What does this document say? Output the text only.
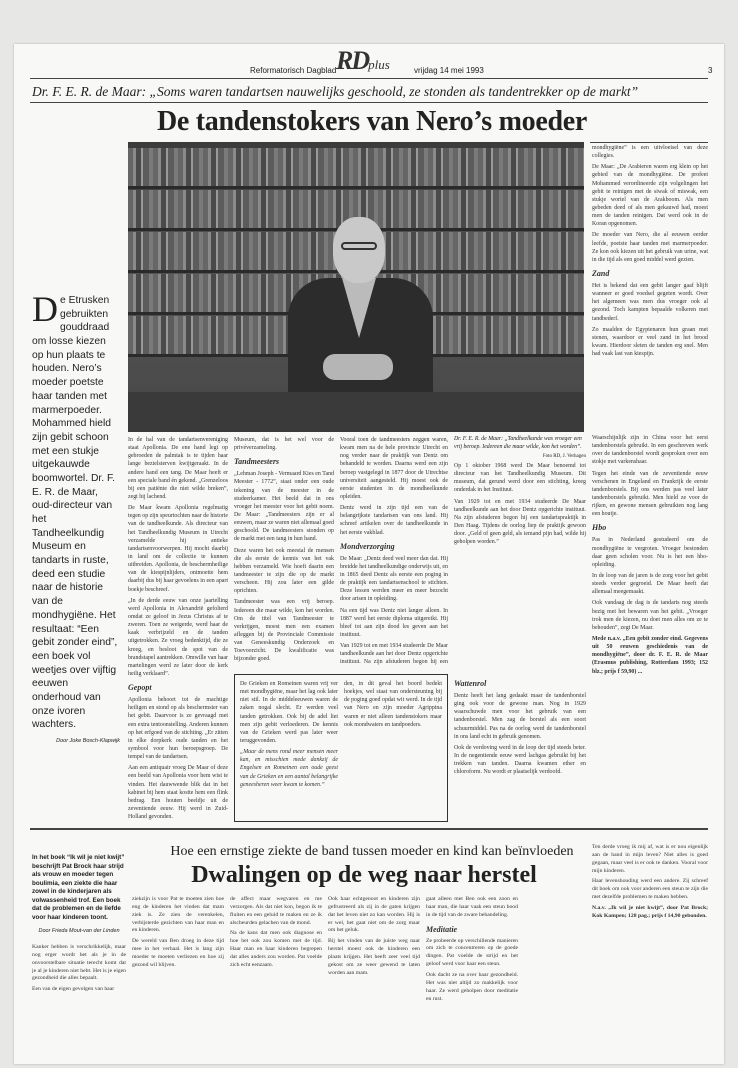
RDplus
Reformatorisch Dagblad	vrijdag 14 mei 1993	3
Dr. F. E. R. de Maar: „Soms waren tandartsen nauwelijks geschoold, ze stonden als tandentrekker op de markt”
De tandenstokers van Nero’s moeder
De Etrusken gebruikten gouddraad om losse kiezen op hun plaats te houden. Nero’s moeder poetste haar tanden met marmerpoeder. Mohammed hield zijn gebit schoon met een stukje uitgekauwde boomwortel. Dr. F. E. R. de Maar, oud-directeur van het Tandheelkundig Museum en tandarts in ruste, deed een studie naar de historie van de mondhygiëne. Het resultaat: “Een gebit zonder eind”, een boek vol weetjes over vijftig eeuwen onderhoud van onze ivoren wachters.
Door Joke Bosch-Klapwijk

mondhygiëne” is een uitvloeisel van deze collegies.

De Maar: „De Arabieren waren erg klein op het gebied van de mondhygiëne. De profeet Mohammed verordineerde zijn volgelingen het gebit te reinigen met de siwak of miswak, een stukje wortel van de Arakboom. Als men gebeden deed of als men gekauwd had, moest men de tanden reinigen. Dat werd ook in de Koran opgenomen.

De moeder van Nero, die al eeuwen eerder leefde, poetste haar tanden met marmerpoeder. Ze kon ook kiezen uit het gebruik van urine, wat in die tijd als een goed middel werd gezien.

Zand

Het is bekend dat een gebit langer gaaf blijft wanneer er goed voedsel gegeten wordt. Over het algemeen was men dus vroeger ook al gezond. Toch kampten bepaalde volkeren met tandbederf.

Zo maalden de Egyptenaren hun graan met stenen, waardoor er veel zand in het brood kwam. Hierdoor sleten de tanden erg snel. Men had vaak last van kiespijn.

Dr. F. E. R. de Maar: „Tandheelkunde was vroeger een vrij beroep. Iedereen die maar wilde, kon het worden”.
Foto RD, J. Verhagen

In de hal van de tandartsenvereniging staat Apollonia. De ene hand legt op gebroeden de palmtak is te tijden haar lange bezielsterven kwijtgeraakt. In de andere hand een tang. De Maar heeft er een speciale band én gekend. „Grenzeloos bij een patiënte die niet wilde breken”, zegt hij lachend.

De Maar kwam Apollonia regelmatig tegen op zijn speurtochten naar de historie van de tandheelkunde. Als directeur van het Tandheelkundig Museum in Utrecht verzamelde hij antieke tandartsenvoorwerpen. Hij mocht daarbij in land om de collectie te kunnen uitbreiden. Apollonia, de beschermheilige van de kiespijnlijders, ontmoette hem daarbij dus bij haar gevoelens in een apart boekje beschreef.

„In de derde eeuw van onze jaartelling werd Apollonia in Alexandrië gefolterd omdat ze geloof in Jezus Christus af te zweren. Toen ze weigerde, werd haar de kaak verbrijzeld en de tanden uitgetrokken. Ze vroeg bedenktijd, die ze kreeg, en besloot de spot van de brandstapel aantrekken. Omwille van haar martelingen werd ze later door de kerk heilig verklaard”.

Gepopt

Apollonia behoort tot de machtige heiligen en stond op als beschermster van het gebit. Daarvoor is ze gevraagd met een extra tentoonstelling. Anderen kunnen op het erfgoed van de stichting. „Er zitten in elke dorpkerk oude tanden en het symbool voor hun beroepsgroep. De tempel van de tandartsen.

Aan een antiquair vroeg De Maar of deze een beeld van Apollonia voor hem wist te vinden. Het dauwwende blik dat in het kabinet bij hem staat kostte hem een flink bedrag. Een houten beeldje uit de zeventiende eeuw. Hij werd in Zuid-Holland gevonden.

Museum, dat is het wel voor de privéverzameling.

Tandmeesters

„Lehman Joseph - Vermaard Kies en Tand Meester - 1772”, staat onder een oude tekening van de meester in de studeerkamer. Het beeld dat in ons vroeger het meester voor het gebit noem. De Maar: „Tandmeesters zijn er al eeuwen, maar ze waren niet allemaal goed geschoold. De tandmeesters stonden op de markt met een tang in hun hand.

Deze waren het ook meestal de mensen die als eerste de kennis van het vak hebben verzameld. Wie hoeft daarin een tandmeester te zijn die op de markt verscheen. Hij zou later een gilde oprichten.

Tandmeester was een vrij beroep. Iedereen die maar wilde, kon het worden. Om de titel van Tandmeester te verkrijgen, moest men een examen afleggen bij de Provinciale Commissie van Geneeskundig Onderzoek en Toevoorzicht. De kwalificatie was bijzonder goed.

Vooral toen de tandmeesters zeggen waren, kwam men na de hele provincie Utrecht en nog verder naar de praktijk van Dentz om behandeld te worden. Daarna werd een zijn beroep vastgelegd in 1877 door de Utrechtse universiteit aangesteld. Hij moest ook de eerste studenten in de mondheelkunde opleiden.

Dentz werd in zijn tijd een van de belangrijkste tandartsen van ons land. Hij schreef artikelen over de tandheelkunde in het eerste vakblad.

Mondverzorging

De Maar: „Dentz deed veel meer dan dat. Hij breidde het tandheelkundige onderwijs uit, en in 1865 deed Dentz als eerste een poging in de praktijk een tandartsenschool te stichten. Deze lessen werden meer en meer bezocht door artsen in opleiding.

Na een tijd was Dentz niet langer alleen. In 1887 werd het eerste diploma uitgereikt. Hij bleef tot aan zijn dood les geven aan het instituut.

Van 1929 tot en met 1934 studeerde De Maar tandheelkunde aan het door Dentz opgerichte instituut. Na zijn afstuderen begon hij een

Op 1 oktober 1968 werd De Maar benoemd tot directeur van het Tandheelkundig Museum. Dit museum, dat gerund werd door een stichting, kreeg onderdak in het Instituut.

Van 1929 tot en met 1934 studeerde De Maar tandheelkunde aan het door Dentz opgerichte instituut. Na zijn afstuderen begon hij een tandartspraktijk in Den Haag. Tijdens de oorlog liep de praktijk gewoon door. „Geld of geen geld, als iemand pijn had, wilde hij geholpen worden.”

De Grieken en Romeinen waren vrij ver met mondhygiëne, maar het lag ook later niet stil. In de middeleeuwen waren de zaken nogal slecht. Er werden veel tanden getrokken. Ook bij de adel liet men zijn gebit verloederen. De kennis van de Grieken werd pas later weer teruggevonden.

„Maar de mens rond meer mensen meer kan, en misschien mede dankzij de Engelsen en Romeinen een oude geest van de Grieken en een aantal belangrijke geneesheren weer kwam te komen.”

den, in dit geval het boord bedekt hoekjes, wel staat van ondersteuning bij de poging goed opdat wit werd. In de tijd van Nero en zijn moeder Agrippina waren er niet alleen tandenstokers maar ook mondwaters en tandpoeders.

Wattenrol

Dentz heeft het lang gedaakt maar de tandenborstel ging ook voor de gewone man. Nog in 1929 waarschuwde men voor het gebruik van een tandenborstel. Men zag de borstel als een soort schuurmiddel. Pas na de oorlog werd de tandenborstel in ons land echt in gebruik genomen.

Ook de verdoving werd in de loop der tijd steeds beter. In de negentiende eeuw werd lachgas gebruikt bij het trekken van tanden. Daarna kwamen ether en chloroform. Nu wordt er plaatselijk verdoofd.

Waarschijnlijk zijn in China voor het eerst tandenborstels gebruikt. In een geschreven werk over de tandenborstel wordt gesproken over een stokje met varkenshaar.

Tegen het einde van de zeventiende eeuw verschenen in Engeland en Frankrijk de eerste tandenborstels. Bij ons werden pas veel later tandenborstels gebruikt. Men hield ze voor de rijken, en gewone mensen gebruikten nog lang een houtje.

Hbo

Pas in Nederland gestudeerd om de mondhygiëne te vergroten. Vroeger bestonden daar geen scholen voor. Nu is het een hbo-opleiding.

In de loop van de jaren is de zorg voor het gebit steeds verder gegroeid. De Maar heeft dat allemaal meegemaakt.

Ook vandaag de dag is de tandarts nog steeds bezig met het bewaren van het gebit. „Vroeger trok men de kiezen, nu doet men alles om ze te behouden”, zegt De Maar.

Mede n.a.v. „Een gebit zonder eind. Gegevens uit 50 eeuwen geschiedenis van de mondhygiëne”, door dr. F. E. R. de Maar (Erasmus publishing, Rotterdam 1993; 152 blz.; prijs f 59,90) ...

In het boek “Ik wil je niet kwijt” beschrijft Pat Brock haar strijd als vrouw en moeder tegen boulimia, een ziekte die haar zowel in de kinderjaren als volwassenheid trof. Een boek dat de problemen en de liefde voor haar kinderen toont.
Door Frieda Mout-van der Linden
Hoe een ernstige ziekte de band tussen moeder en kind kan beïnvloeden
Dwalingen op de weg naar herstel

Kanker hebben is verschrikkelijk, maar nog erger wordt het als je in de onvoorstelbare situatie terecht komt dat je al je kinderen niet hebt. Het is je eigen gezondheid die alles bepaalt.

Een van de eigen gevolgen van haar

ziekzijn is voor Pat te moeten zien hoe eng de kinderen het vinden dat mam ziek is. Ze zien de verenkelen, verbijsterde gezichten van haar man en en kinderen.

De wereld van Ben droeg in deze tijd mee in het verhaal. Het is lang zijn moeder te moeten verliezen en hoe zij gezond wil blijven.

de affect maar wegvaren en me verzorgen. Als dat niet kon, begon ik te fluiten en een geluid te maken en ze ik alscheurden gelachen van de mond.

Na de kans dat men ook diagnose en hoe het ook zou komen met de tijd. Haar man en haar kinderen begrepen dat alles anders zou worden. Pat voelde zich echt eenzaam.

Ook haar echtgenoot en kinderen zijn gefrustreerd als zij in de gaten krijgen dat het leven niet zo kan worden. Hij is er wel, het gaat niet om de zorg maar om het geluk.

Bij het vinden van de juiste weg naar herstel moest ook de kinderen een plaats krijgen. Het heeft zeer veel tijd gekost om ze weer gewend te laten worden aan mam.

gaat alleen met Ben ook een zoon en haar man, die haar vaak een steun bood in de tijd van de zware behandeling.

Meditatie

Ze probeerde op verschillende manieren om zich te concentreren op de goede dingen. Pat voelde de strijd en het geloof werd voor haar een steun.

Ook dacht ze na over haar gezondheid. Het was niet altijd zo makkelijk voor haar. Ze werd geholpen door meditatie en rust.

Ten derde vroeg ik mij af, wat is er nou eigenlijk aan de hand in mijn leven? Niet alles is goed gegaan, maar veel is er ook te danken. Vooral voor mijn kinderen.

Haar levenshouding werd een andere. Zij schreef dit boek om ook voor anderen een steun te zijn die met dezelfde problemen te maken hebben.

N.a.v. „Ik wil je niet kwijt”, door Pat Brock; Kok Kampen; 128 pag.; prijs f 14,90 gebonden.
